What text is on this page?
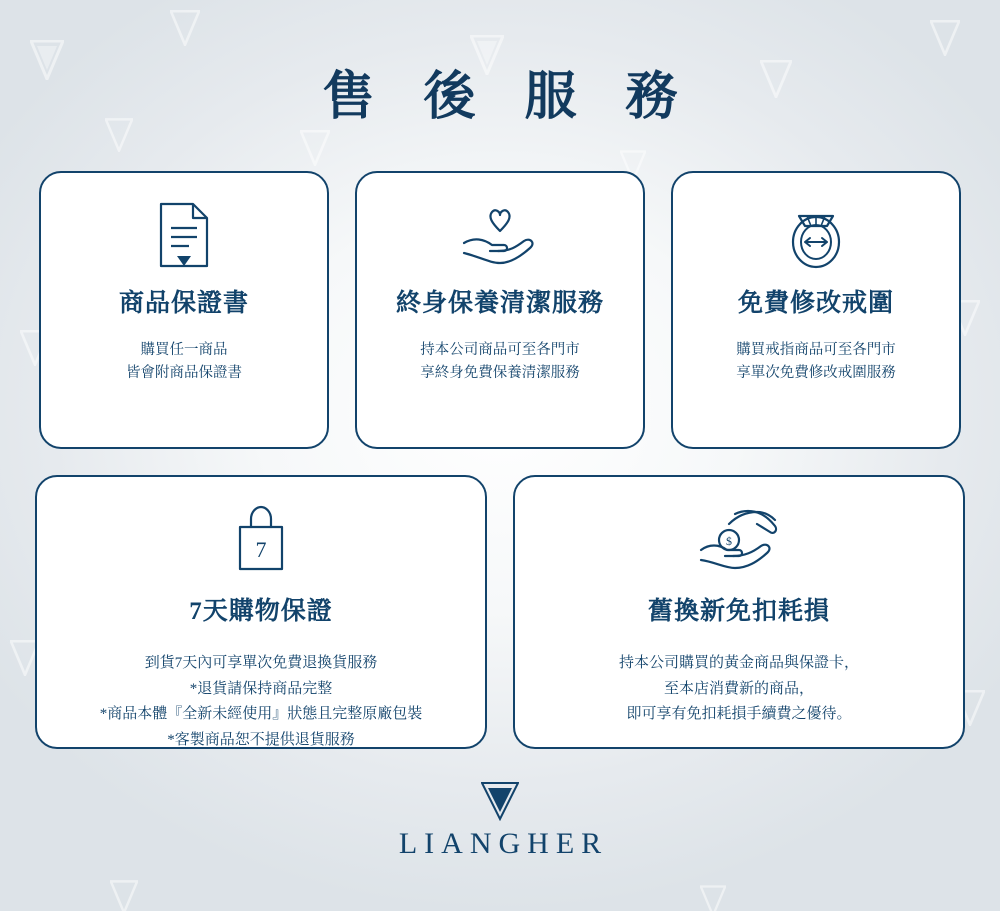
售 後 服 務
商品保證書
購買任一商品
皆會附商品保證書
終身保養清潔服務
持本公司商品可至各門市
享終身免費保養清潔服務
免費修改戒圍
購買戒指商品可至各門市
享單次免費修改戒圍服務
7
7天購物保證
到貨7天內可享單次免費退換貨服務
*退貨請保持商品完整
*商品本體『全新未經使用』狀態且完整原廠包裝
*客製商品恕不提供退貨服務
$
舊換新免扣耗損
持本公司購買的黃金商品與保證卡，
至本店消費新的商品，
即可享有免扣耗損手續費之優待。
LIANGHER
